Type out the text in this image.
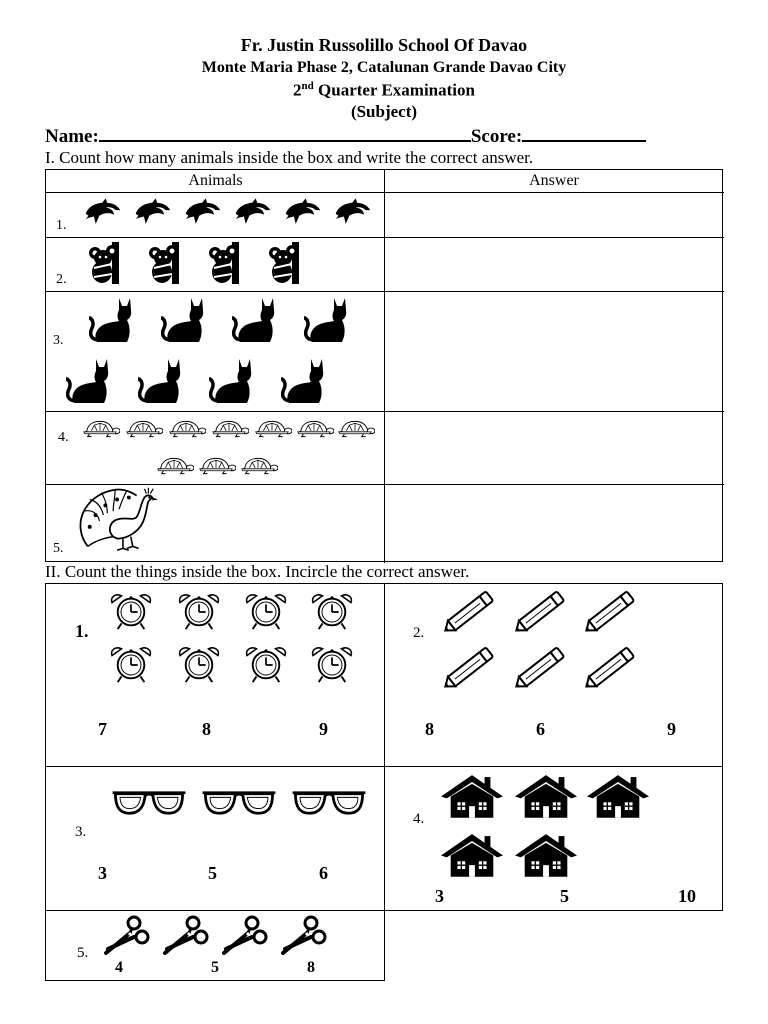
Fr. Justin Russolillo School Of Davao
Monte Maria Phase 2, Catalunan Grande Davao City
2nd Quarter Examination
(Subject)
Name:	Score:
I. Count how many animals inside the box and write the correct answer.
Animals	Answer
1.
2.
3.
4.
5.
II. Count the things inside the box. Incircle the correct answer.
1.
7	8	9
2.
8	6	9
3.
3	5	6
4.
3	5	10
5.
4	5	8
